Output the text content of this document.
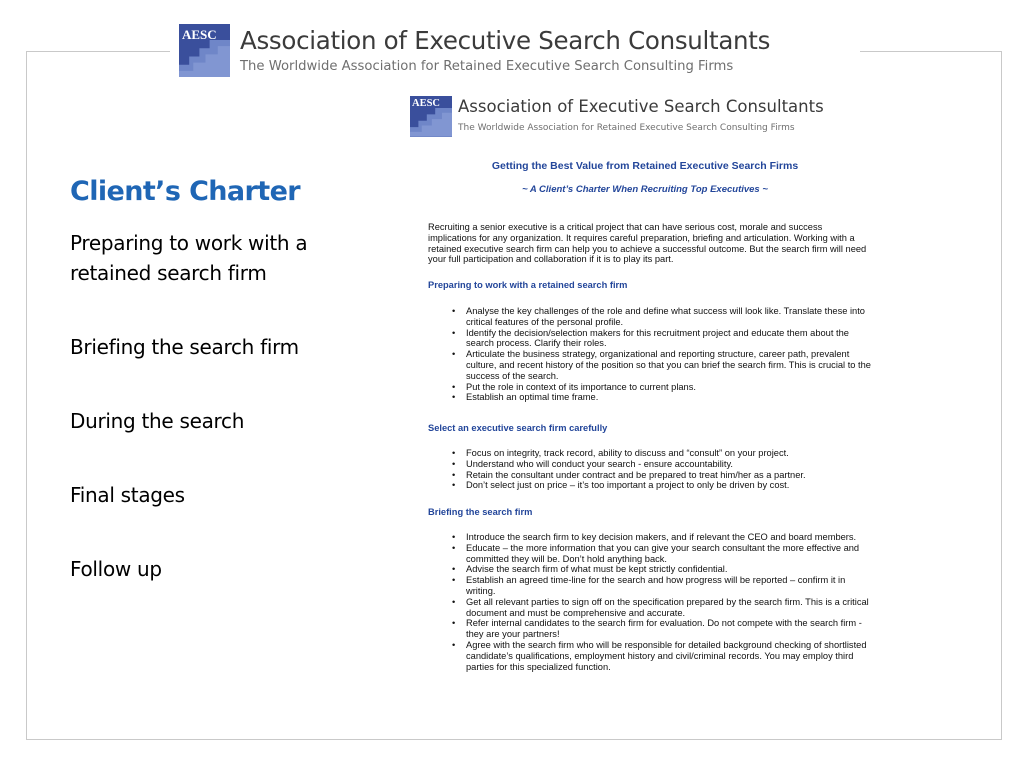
AESC Association of Executive Search Consultants
The Worldwide Association for Retained Executive Search Consulting Firms
Client’s Charter
Preparing to work with a retained search firm
Briefing the search firm
During the search
Final stages
Follow up
AESC Association of Executive Search Consultants
The Worldwide Association for Retained Executive Search Consulting Firms
Getting the Best Value from Retained Executive Search Firms
~ A Client’s Charter When Recruiting Top Executives ~
Recruiting a senior executive is a critical project that can have serious cost, morale and success implications for any organization. It requires careful preparation, briefing and articulation. Working with a retained executive search firm can help you to achieve a successful outcome. But the search firm will need your full participation and collaboration if it is to play its part.
Preparing to work with a retained search firm
• Analyse the key challenges of the role and define what success will look like. Translate these into critical features of the personal profile.
• Identify the decision/selection makers for this recruitment project and educate them about the search process. Clarify their roles.
• Articulate the business strategy, organizational and reporting structure, career path, prevalent culture, and recent history of the position so that you can brief the search firm. This is crucial to the success of the search.
• Put the role in context of its importance to current plans.
• Establish an optimal time frame.
Select an executive search firm carefully
• Focus on integrity, track record, ability to discuss and “consult” on your project.
• Understand who will conduct your search - ensure accountability.
• Retain the consultant under contract and be prepared to treat him/her as a partner.
• Don’t select just on price – it’s too important a project to only be driven by cost.
Briefing the search firm
• Introduce the search firm to key decision makers, and if relevant the CEO and board members.
• Educate – the more information that you can give your search consultant the more effective and committed they will be. Don’t hold anything back.
• Advise the search firm of what must be kept strictly confidential.
• Establish an agreed time-line for the search and how progress will be reported – confirm it in writing.
• Get all relevant parties to sign off on the specification prepared by the search firm. This is a critical document and must be comprehensive and accurate.
• Refer internal candidates to the search firm for evaluation. Do not compete with the search firm - they are your partners!
• Agree with the search firm who will be responsible for detailed background checking of shortlisted candidate’s qualifications, employment history and civil/criminal records. You may employ third parties for this specialized function.
